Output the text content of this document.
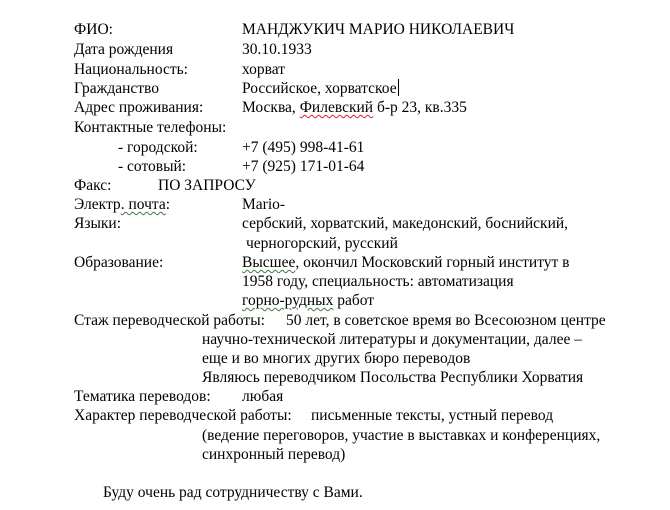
ФИО:	МАНДЖУКИЧ МАРИО НИКОЛАЕВИЧ
Дата рождения	30.10.1933
Национальность:	хорват
Гражданство	Российское, хорватское
Адрес проживания: Москва, Филевский б-р 23, кв.335
Контактные телефоны:
- городской:	+7 (495) 998-41-61
- сотовый:	+7 (925) 171-01-64
Факс:	ПО ЗАПРОСУ
Электр. почта:	Mario-
Языки:	сербский, хорватский, македонский, боснийский,
черногорский, русский
Образование:	Высшее, окончил Московский горный институт в
1958 году, специальность: автоматизация
горно-рудных работ
Стаж переводческой работы: 50 лет, в советское время во Всесоюзном центре
научно-технической литературы и документации, далее –
еще и во многих других бюро переводов
Являюсь переводчиком Посольства Республики Хорватия
Тематика переводов: любая
Характер переводческой работы: письменные тексты, устный перевод
(ведение переговоров, участие в выставках и конференциях,
синхронный перевод)
Буду очень рад сотрудничеству с Вами.
